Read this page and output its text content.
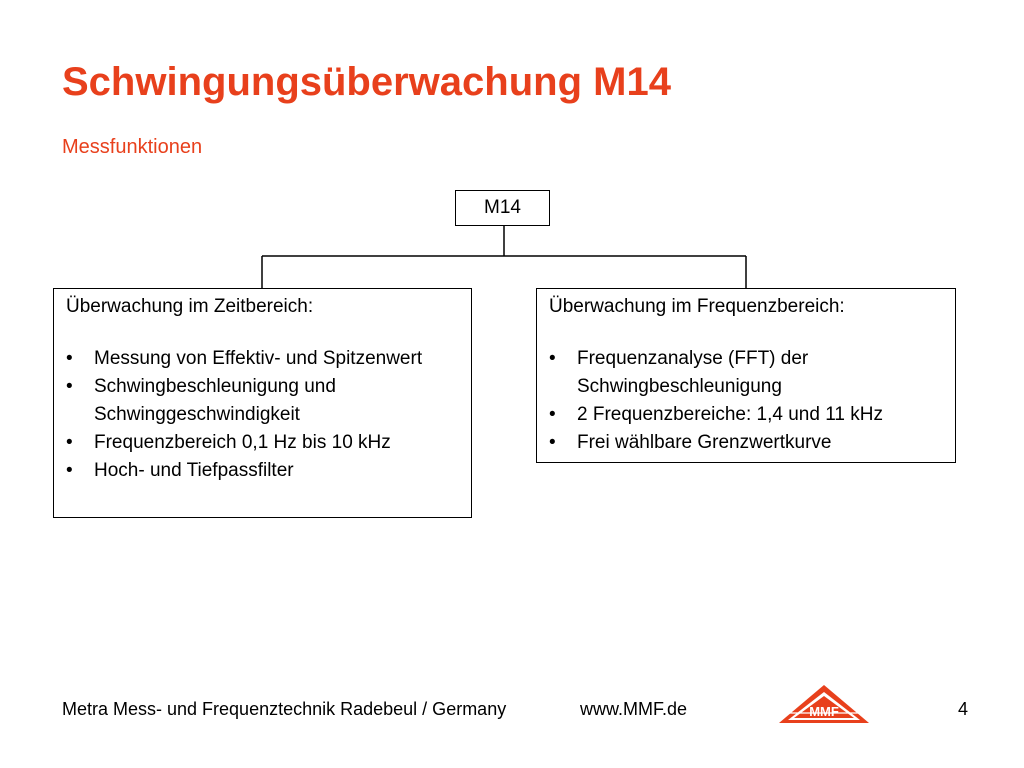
Schwingungsüberwachung M14
Messfunktionen
M14
Überwachung im Zeitbereich:
• Messung von Effektiv- und Spitzenwert
• Schwingbeschleunigung und Schwinggeschwindigkeit
• Frequenzbereich 0,1 Hz bis 10 kHz
• Hoch- und Tiefpassfilter
Überwachung im Frequenzbereich:
• Frequenzanalyse (FFT) der Schwingbeschleunigung
• 2 Frequenzbereiche: 1,4 und 11 kHz
• Frei wählbare Grenzwertkurve
Metra Mess- und Frequenztechnik Radebeul / Germany	www.MMF.de	4
MMF
